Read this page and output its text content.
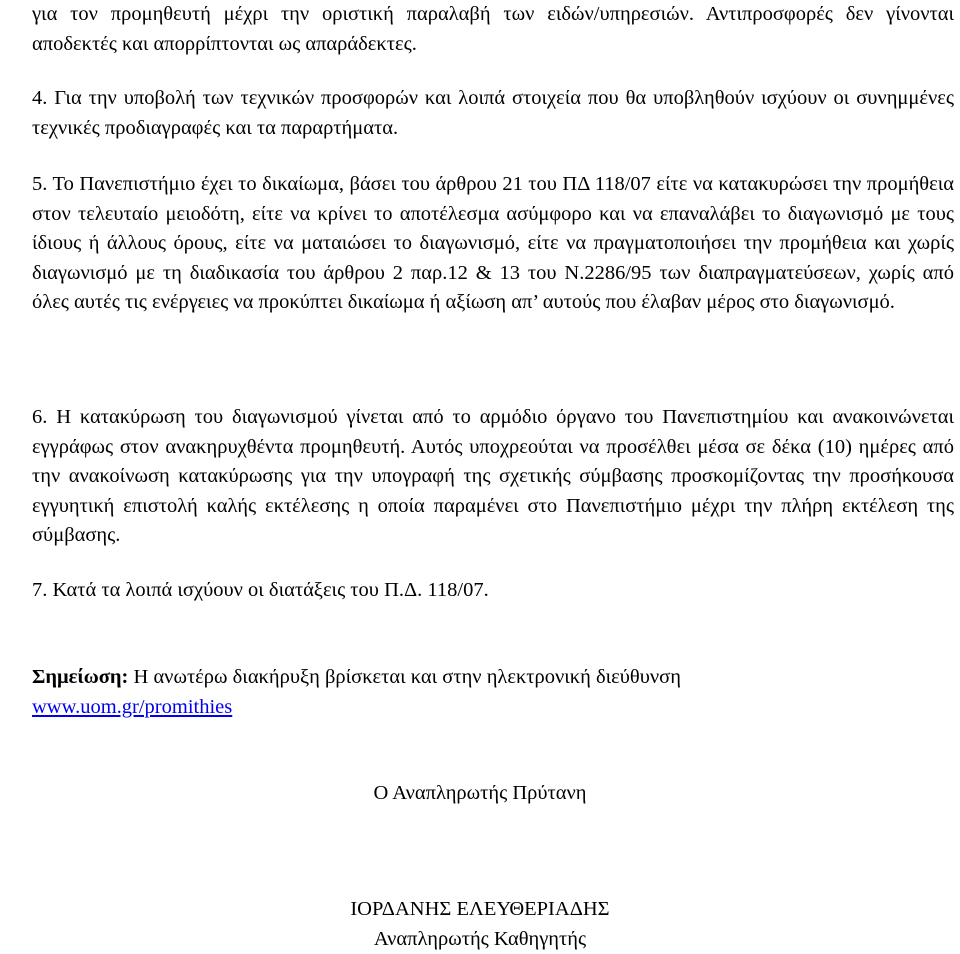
για τον προμηθευτή μέχρι την οριστική παραλαβή των ειδών/υπηρεσιών. Αντιπροσφορές δεν γίνονται αποδεκτές και απορρίπτονται ως απαράδεκτες.

4. Για την υποβολή των τεχνικών προσφορών και λοιπά στοιχεία που θα υποβληθούν ισχύουν οι συνημμένες τεχνικές προδιαγραφές και τα παραρτήματα.

5. Το Πανεπιστήμιο έχει το δικαίωμα, βάσει του άρθρου 21 του ΠΔ 118/07 είτε να κατακυρώσει την προμήθεια στον τελευταίο μειοδότη, είτε να κρίνει το αποτέλεσμα ασύμφορο και να επαναλάβει το διαγωνισμό με τους ίδιους ή άλλους όρους, είτε να ματαιώσει το διαγωνισμό, είτε να πραγματοποιήσει την προμήθεια και χωρίς διαγωνισμό με τη διαδικασία του άρθρου 2 παρ.12 & 13 του Ν.2286/95 των διαπραγματεύσεων, χωρίς από όλες αυτές τις ενέργειες να προκύπτει δικαίωμα ή αξίωση απ’ αυτούς που έλαβαν μέρος στο διαγωνισμό.

6. Η κατακύρωση του διαγωνισμού γίνεται από το αρμόδιο όργανο του Πανεπιστημίου και ανακοινώνεται εγγράφως στον ανακηρυχθέντα προμηθευτή. Αυτός υποχρεούται να προσέλθει μέσα σε δέκα (10) ημέρες από την ανακοίνωση κατακύρωσης για την υπογραφή της σχετικής σύμβασης προσκομίζοντας την προσήκουσα εγγυητική επιστολή καλής εκτέλεσης η οποία παραμένει στο Πανεπιστήμιο μέχρι την πλήρη εκτέλεση της σύμβασης.

7. Κατά τα λοιπά ισχύουν οι διατάξεις του Π.Δ. 118/07.

Σημείωση: Η ανωτέρω διακήρυξη βρίσκεται και στην ηλεκτρονική διεύθυνση
www.uom.gr/promithies
Ο Αναπληρωτής Πρύτανη
ΙΟΡΔΑΝΗΣ ΕΛΕΥΘΕΡΙΑΔΗΣ
Αναπληρωτής Καθηγητής
